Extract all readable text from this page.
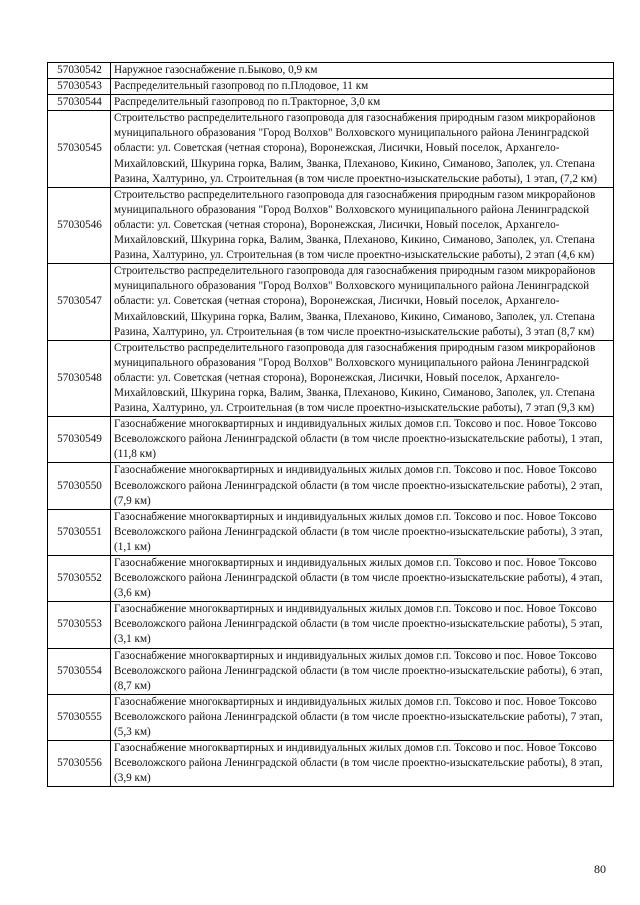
57030542	Наружное газоснабжение п.Быково, 0,9 км
57030543	Распределительный газопровод по п.Плодовое, 11 км
57030544	Распределительный газопровод по п.Тракторное, 3,0 км
57030545	Строительство распределительного газопровода для газоснабжения природным газом микрорайонов муниципального образования "Город Волхов" Волховского муниципального района Ленинградской области: ул. Советская (четная сторона), Воронежская, Лисички, Новый поселок, Архангело-Михайловский, Шкурина горка, Валим, Званка, Плеханово, Кикино, Симаново, Заполек, ул. Степана Разина, Халтурино, ул. Строительная (в том числе проектно-изыскательские работы), 1 этап, (7,2 км)
57030546	Строительство распределительного газопровода для газоснабжения природным газом микрорайонов муниципального образования "Город Волхов" Волховского муниципального района Ленинградской области: ул. Советская (четная сторона), Воронежская, Лисички, Новый поселок, Архангело-Михайловский, Шкурина горка, Валим, Званка, Плеханово, Кикино, Симаново, Заполек, ул. Степана Разина, Халтурино, ул. Строительная (в том числе проектно-изыскательские работы), 2 этап (4,6 км)
57030547	Строительство распределительного газопровода для газоснабжения природным газом микрорайонов муниципального образования "Город Волхов" Волховского муниципального района Ленинградской области: ул. Советская (четная сторона), Воронежская, Лисички, Новый поселок, Архангело-Михайловский, Шкурина горка, Валим, Званка, Плеханово, Кикино, Симаново, Заполек, ул. Степана Разина, Халтурино, ул. Строительная (в том числе проектно-изыскательские работы), 3 этап (8,7 км)
57030548	Строительство распределительного газопровода для газоснабжения природным газом микрорайонов муниципального образования "Город Волхов" Волховского муниципального района Ленинградской области: ул. Советская (четная сторона), Воронежская, Лисички, Новый поселок, Архангело-Михайловский, Шкурина горка, Валим, Званка, Плеханово, Кикино, Симаново, Заполек, ул. Степана Разина, Халтурино, ул. Строительная (в том числе проектно-изыскательские работы), 7 этап (9,3 км)
57030549	Газоснабжение многоквартирных и индивидуальных жилых домов г.п. Токсово и пос. Новое Токсово Всеволожского района Ленинградской области (в том числе проектно-изыскательские работы), 1 этап, (11,8 км)
57030550	Газоснабжение многоквартирных и индивидуальных жилых домов г.п. Токсово и пос. Новое Токсово Всеволожского района Ленинградской области (в том числе проектно-изыскательские работы), 2 этап, (7,9 км)
57030551	Газоснабжение многоквартирных и индивидуальных жилых домов г.п. Токсово и пос. Новое Токсово Всеволожского района Ленинградской области (в том числе проектно-изыскательские работы), 3 этап, (1,1 км)
57030552	Газоснабжение многоквартирных и индивидуальных жилых домов г.п. Токсово и пос. Новое Токсово Всеволожского района Ленинградской области (в том числе проектно-изыскательские работы), 4 этап, (3,6 км)
57030553	Газоснабжение многоквартирных и индивидуальных жилых домов г.п. Токсово и пос. Новое Токсово Всеволожского района Ленинградской области (в том числе проектно-изыскательские работы), 5 этап, (3,1 км)
57030554	Газоснабжение многоквартирных и индивидуальных жилых домов г.п. Токсово и пос. Новое Токсово Всеволожского района Ленинградской области (в том числе проектно-изыскательские работы), 6 этап, (8,7 км)
57030555	Газоснабжение многоквартирных и индивидуальных жилых домов г.п. Токсово и пос. Новое Токсово Всеволожского района Ленинградской области (в том числе проектно-изыскательские работы), 7 этап, (5,3 км)
57030556	Газоснабжение многоквартирных и индивидуальных жилых домов г.п. Токсово и пос. Новое Токсово Всеволожского района Ленинградской области (в том числе проектно-изыскательские работы), 8 этап, (3,9 км)
80
